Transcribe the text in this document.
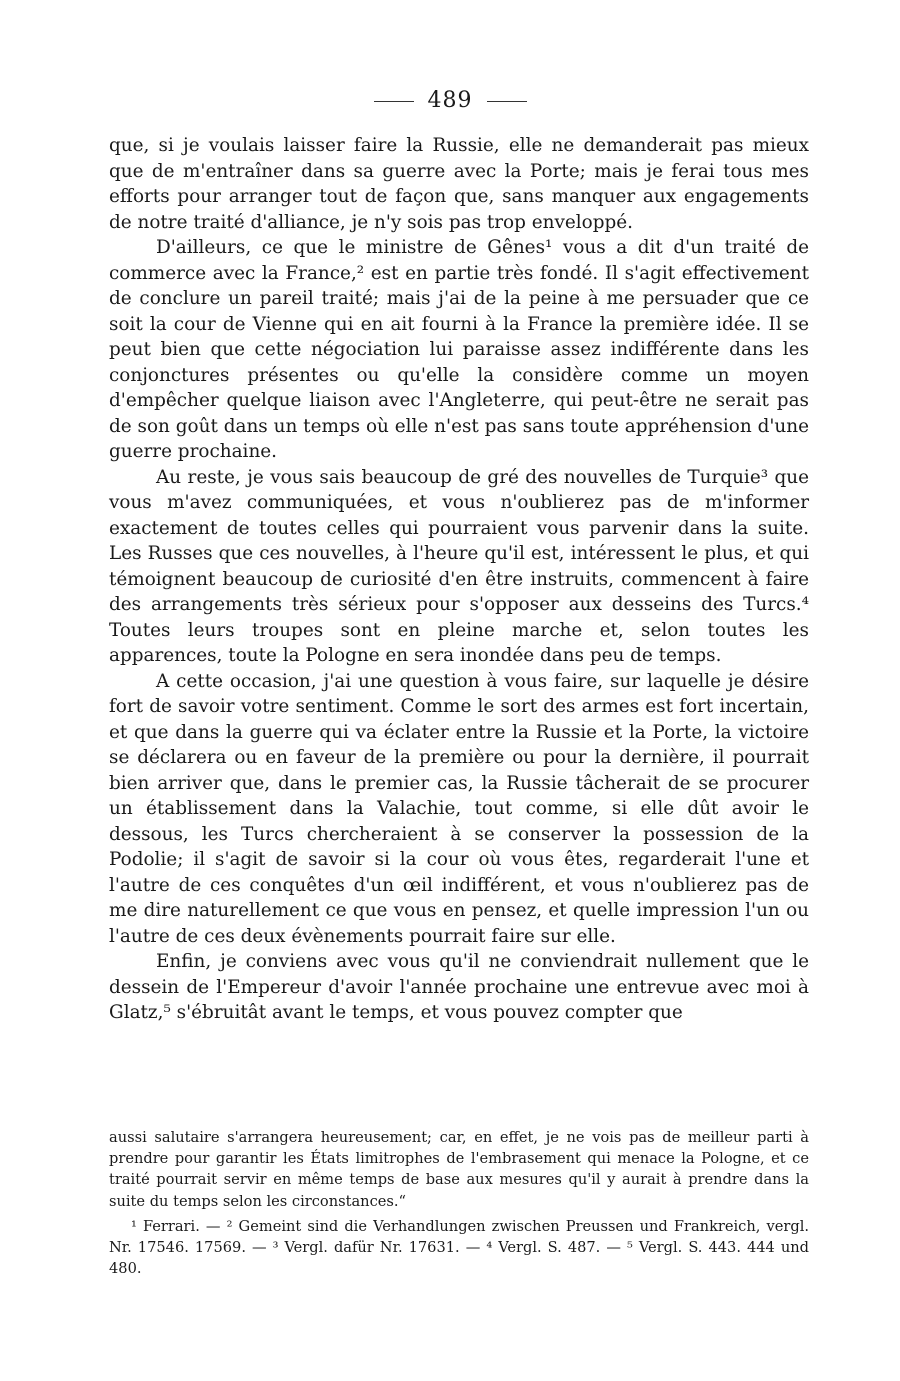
489

que, si je voulais laisser faire la Russie, elle ne demanderait pas mieux que de m'entraîner dans sa guerre avec la Porte; mais je ferai tous mes efforts pour arranger tout de façon que, sans manquer aux engagements de notre traité d'alliance, je n'y sois pas trop enveloppé.

D'ailleurs, ce que le ministre de Gênes¹ vous a dit d'un traité de commerce avec la France,² est en partie très fondé. Il s'agit effectivement de conclure un pareil traité; mais j'ai de la peine à me persuader que ce soit la cour de Vienne qui en ait fourni à la France la première idée. Il se peut bien que cette négociation lui paraisse assez indifférente dans les conjonctures présentes ou qu'elle la considère comme un moyen d'empêcher quelque liaison avec l'Angleterre, qui peut-être ne serait pas de son goût dans un temps où elle n'est pas sans toute appréhension d'une guerre prochaine.

Au reste, je vous sais beaucoup de gré des nouvelles de Turquie³ que vous m'avez communiquées, et vous n'oublierez pas de m'informer exactement de toutes celles qui pourraient vous parvenir dans la suite. Les Russes que ces nouvelles, à l'heure qu'il est, intéressent le plus, et qui témoignent beaucoup de curiosité d'en être instruits, commencent à faire des arrangements très sérieux pour s'opposer aux desseins des Turcs.⁴ Toutes leurs troupes sont en pleine marche et, selon toutes les apparences, toute la Pologne en sera inondée dans peu de temps.

A cette occasion, j'ai une question à vous faire, sur laquelle je désire fort de savoir votre sentiment. Comme le sort des armes est fort incertain, et que dans la guerre qui va éclater entre la Russie et la Porte, la victoire se déclarera ou en faveur de la première ou pour la dernière, il pourrait bien arriver que, dans le premier cas, la Russie tâcherait de se procurer un établissement dans la Valachie, tout comme, si elle dût avoir le dessous, les Turcs chercheraient à se conserver la possession de la Podolie; il s'agit de savoir si la cour où vous êtes, regarderait l'une et l'autre de ces conquêtes d'un œil indifférent, et vous n'oublierez pas de me dire naturellement ce que vous en pensez, et quelle impression l'un ou l'autre de ces deux évènements pourrait faire sur elle.

Enfin, je conviens avec vous qu'il ne conviendrait nullement que le dessein de l'Empereur d'avoir l'année prochaine une entrevue avec moi à Glatz,⁵ s'ébruitât avant le temps, et vous pouvez compter que

aussi salutaire s'arrangera heureusement; car, en effet, je ne vois pas de meilleur parti à prendre pour garantir les États limitrophes de l'embrasement qui menace la Pologne, et ce traité pourrait servir en même temps de base aux mesures qu'il y aurait à prendre dans la suite du temps selon les circonstances.“

¹ Ferrari. — ² Gemeint sind die Verhandlungen zwischen Preussen und Frankreich, vergl. Nr. 17546. 17569. — ³ Vergl. dafür Nr. 17631. — ⁴ Vergl. S. 487. — ⁵ Vergl. S. 443. 444 und 480.
